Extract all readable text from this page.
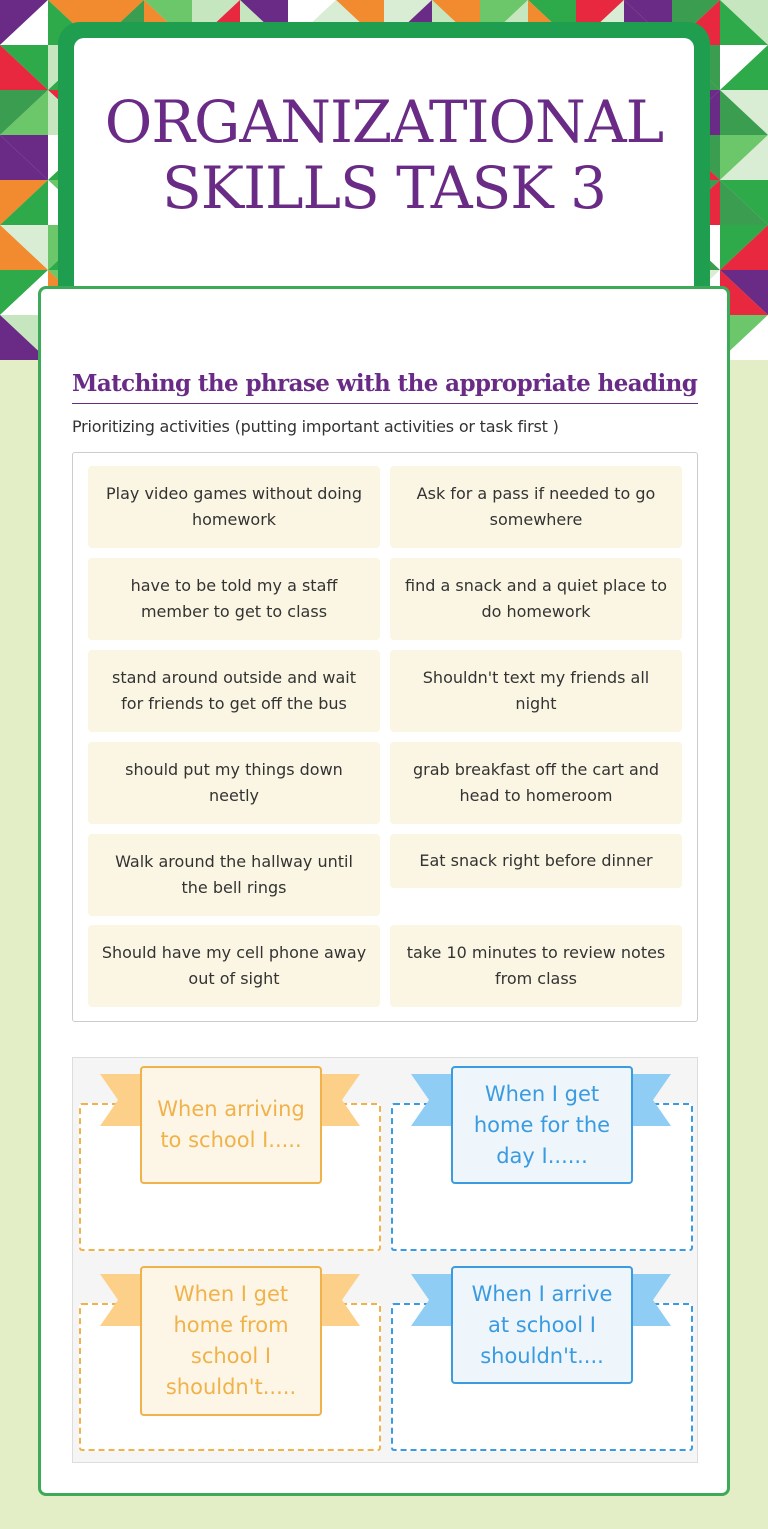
ORGANIZATIONAL SKILLS TASK 3
Matching the phrase with the appropriate heading

Prioritizing activities (putting important activities or task first )

Play video games without doing homework
Ask for a pass if needed to go somewhere
have to be told my a staff member to get to class
find a snack and a quiet place to do homework
stand around outside and wait for friends to get off the bus
Shouldn't text my friends all night
should put my things down neetly
grab breakfast off the cart and head to homeroom
Walk around the hallway until the bell rings
Eat snack right before dinner
Should have my cell phone away out of sight
take 10 minutes to review notes from class
When arriving to school I.....
When I get home for the day I......
When I get home from school I shouldn't.....
When I arrive at school I shouldn't....
